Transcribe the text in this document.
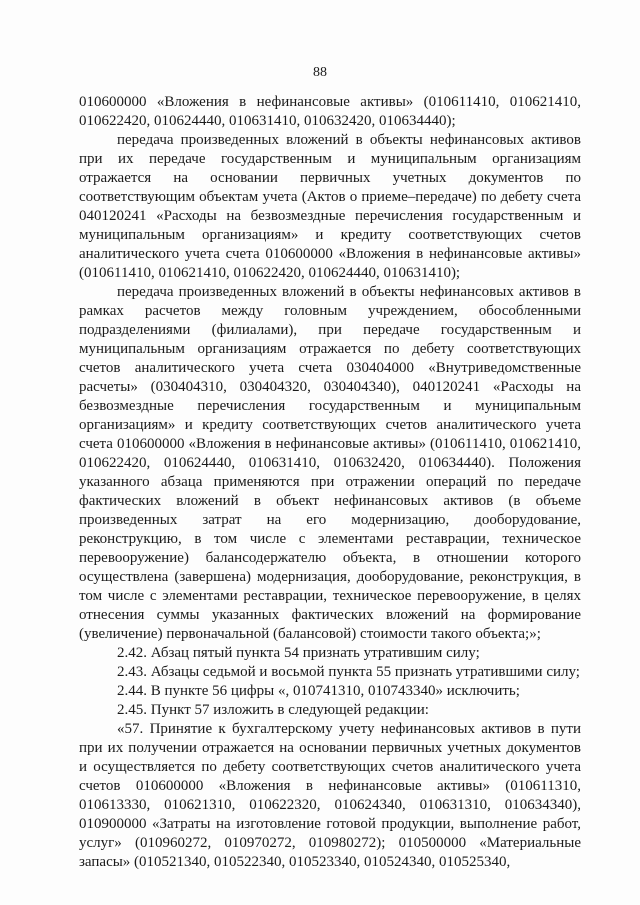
88

010600000 «Вложения в нефинансовые активы» (010611410, 010621410, 010622420, 010624440, 010631410, 010632420, 010634440);

передача произведенных вложений в объекты нефинансовых активов при их передаче государственным и муниципальным организациям отражается на основании первичных учетных документов по соответствующим объектам учета (Актов о приеме–передаче) по дебету счета 040120241 «Расходы на безвозмездные перечисления государственным и муниципальным организациям» и кредиту соответствующих счетов аналитического учета счета 010600000 «Вложения в нефинансовые активы» (010611410, 010621410, 010622420, 010624440, 010631410);

передача произведенных вложений в объекты нефинансовых активов в рамках расчетов между головным учреждением, обособленными подразделениями (филиалами), при передаче государственным и муниципальным организациям отражается по дебету соответствующих счетов аналитического учета счета 030404000 «Внутриведомственные расчеты» (030404310, 030404320, 030404340), 040120241 «Расходы на безвозмездные перечисления государственным и муниципальным организациям» и кредиту соответствующих счетов аналитического учета счета 010600000 «Вложения в нефинансовые активы» (010611410, 010621410, 010622420, 010624440, 010631410, 010632420, 010634440). Положения указанного абзаца применяются при отражении операций по передаче фактических вложений в объект нефинансовых активов (в объеме произведенных затрат на его модернизацию, дооборудование, реконструкцию, в том числе с элементами реставрации, техническое перевооружение) балансодержателю объекта, в отношении которого осуществлена (завершена) модернизация, дооборудование, реконструкция, в том числе с элементами реставрации, техническое перевооружение, в целях отнесения суммы указанных фактических вложений на формирование (увеличение) первоначальной (балансовой) стоимости такого объекта;»;

2.42. Абзац пятый пункта 54 признать утратившим силу;

2.43. Абзацы седьмой и восьмой пункта 55 признать утратившими силу;

2.44. В пункте 56 цифры «, 010741310, 010743340» исключить;

2.45. Пункт 57 изложить в следующей редакции:

«57. Принятие к бухгалтерскому учету нефинансовых активов в пути при их получении отражается на основании первичных учетных документов и осуществляется по дебету соответствующих счетов аналитического учета счетов 010600000 «Вложения в нефинансовые активы» (010611310, 010613330, 010621310, 010622320, 010624340, 010631310, 010634340), 010900000 «Затраты на изготовление готовой продукции, выполнение работ, услуг» (010960272, 010970272, 010980272); 010500000 «Материальные запасы» (010521340, 010522340, 010523340, 010524340, 010525340,
